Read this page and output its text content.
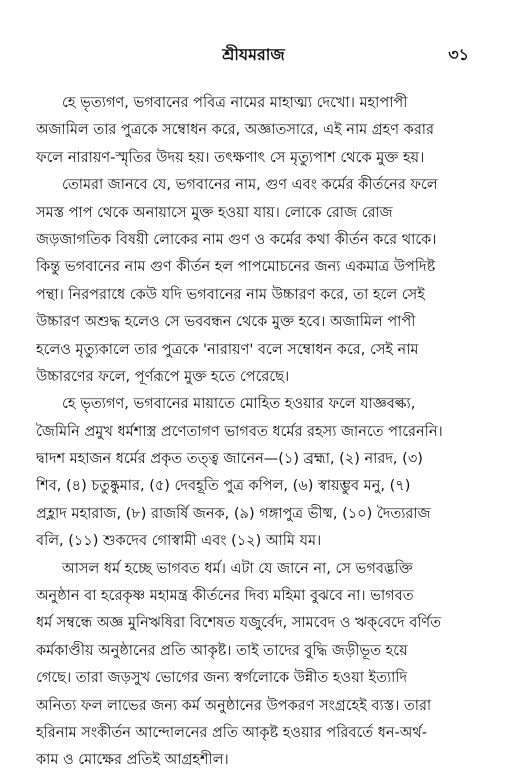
শ্রীযমরাজ	৩১
হে ভৃত্যগণ, ভগবানের পবিত্র নামের মাহাত্ম্য দেখো। মহাপাপী
অজামিল তার পুত্রকে সম্বোধন করে, অজ্ঞাতসারে, এই নাম গ্রহণ করার
ফলে নারায়ণ-স্মৃতির উদয় হয়। তৎক্ষণাৎ সে মৃত্যুপাশ থেকে মুক্ত হয়।
তোমরা জানবে যে, ভগবানের নাম, গুণ এবং কর্মের কীর্তনের ফলে
সমস্ত পাপ থেকে অনায়াসে মুক্ত হওয়া যায়। লোকে রোজ রোজ
জড়জাগতিক বিষয়ী লোকের নাম গুণ ও কর্মের কথা কীর্তন করে থাকে।
কিন্তু ভগবানের নাম গুণ কীর্তন হল পাপমোচনের জন্য একমাত্র উপদিষ্ট
পন্থা। নিরপরাধে কেউ যদি ভগবানের নাম উচ্চারণ করে, তা হলে সেই
উচ্চারণ অশুদ্ধ হলেও সে ভববন্ধন থেকে মুক্ত হবে। অজামিল পাপী
হলেও মৃত্যুকালে তার পুত্রকে 'নারায়ণ' বলে সম্বোধন করে, সেই নাম
উচ্চারণের ফলে, পূর্ণরূপে মুক্ত হতে পেরেছে।
হে ভৃত্যগণ, ভগবানের মায়াতে মোহিত হওয়ার ফলে যাজ্ঞবল্ক্য,
জৈমিনি প্রমুখ ধর্মশাস্ত্র প্রণেতাগণ ভাগবত ধর্মের রহস্য জানতে পারেননি।
দ্বাদশ মহাজন ধর্মের প্রকৃত তত্ত্ব জানেন—(১) ব্রহ্মা, (২) নারদ, (৩)
শিব, (৪) চতুষ্কুমার, (৫) দেবহূতি পুত্র কপিল, (৬) স্বায়ম্ভুব মনু, (৭)
প্রহ্লাদ মহারাজ, (৮) রাজর্ষি জনক, (৯) গঙ্গাপুত্র ভীষ্ম, (১০) দৈত্যরাজ
বলি, (১১) শুকদেব গোস্বামী এবং (১২) আমি যম।
আসল ধর্ম হচ্ছে ভাগবত ধর্ম। এটা যে জানে না, সে ভগবদ্ভক্তি
অনুষ্ঠান বা হরেকৃষ্ণ মহামন্ত্র কীর্তনের দিব্য মহিমা বুঝবে না। ভাগবত
ধর্ম সম্বন্ধে অজ্ঞ মুনিঋষিরা বিশেষত যজুর্বেদ, সামবেদ ও ঋক্‌বেদে বর্ণিত
কর্মকাণ্ডীয় অনুষ্ঠানের প্রতি আকৃষ্ট। তাই তাদের বুদ্ধি জড়ীভূত হয়ে
গেছে। তারা জড়সুখ ভোগের জন্য স্বর্গলোকে উন্নীত হওয়া ইত্যাদি
অনিত্য ফল লাভের জন্য কর্ম অনুষ্ঠানের উপকরণ সংগ্রহেই ব্যস্ত। তারা
হরিনাম সংকীর্তন আন্দোলনের প্রতি আকৃষ্ট হওয়ার পরিবর্তে ধন-অর্থ-
কাম ও মোক্ষের প্রতিই আগ্রহশীল।
